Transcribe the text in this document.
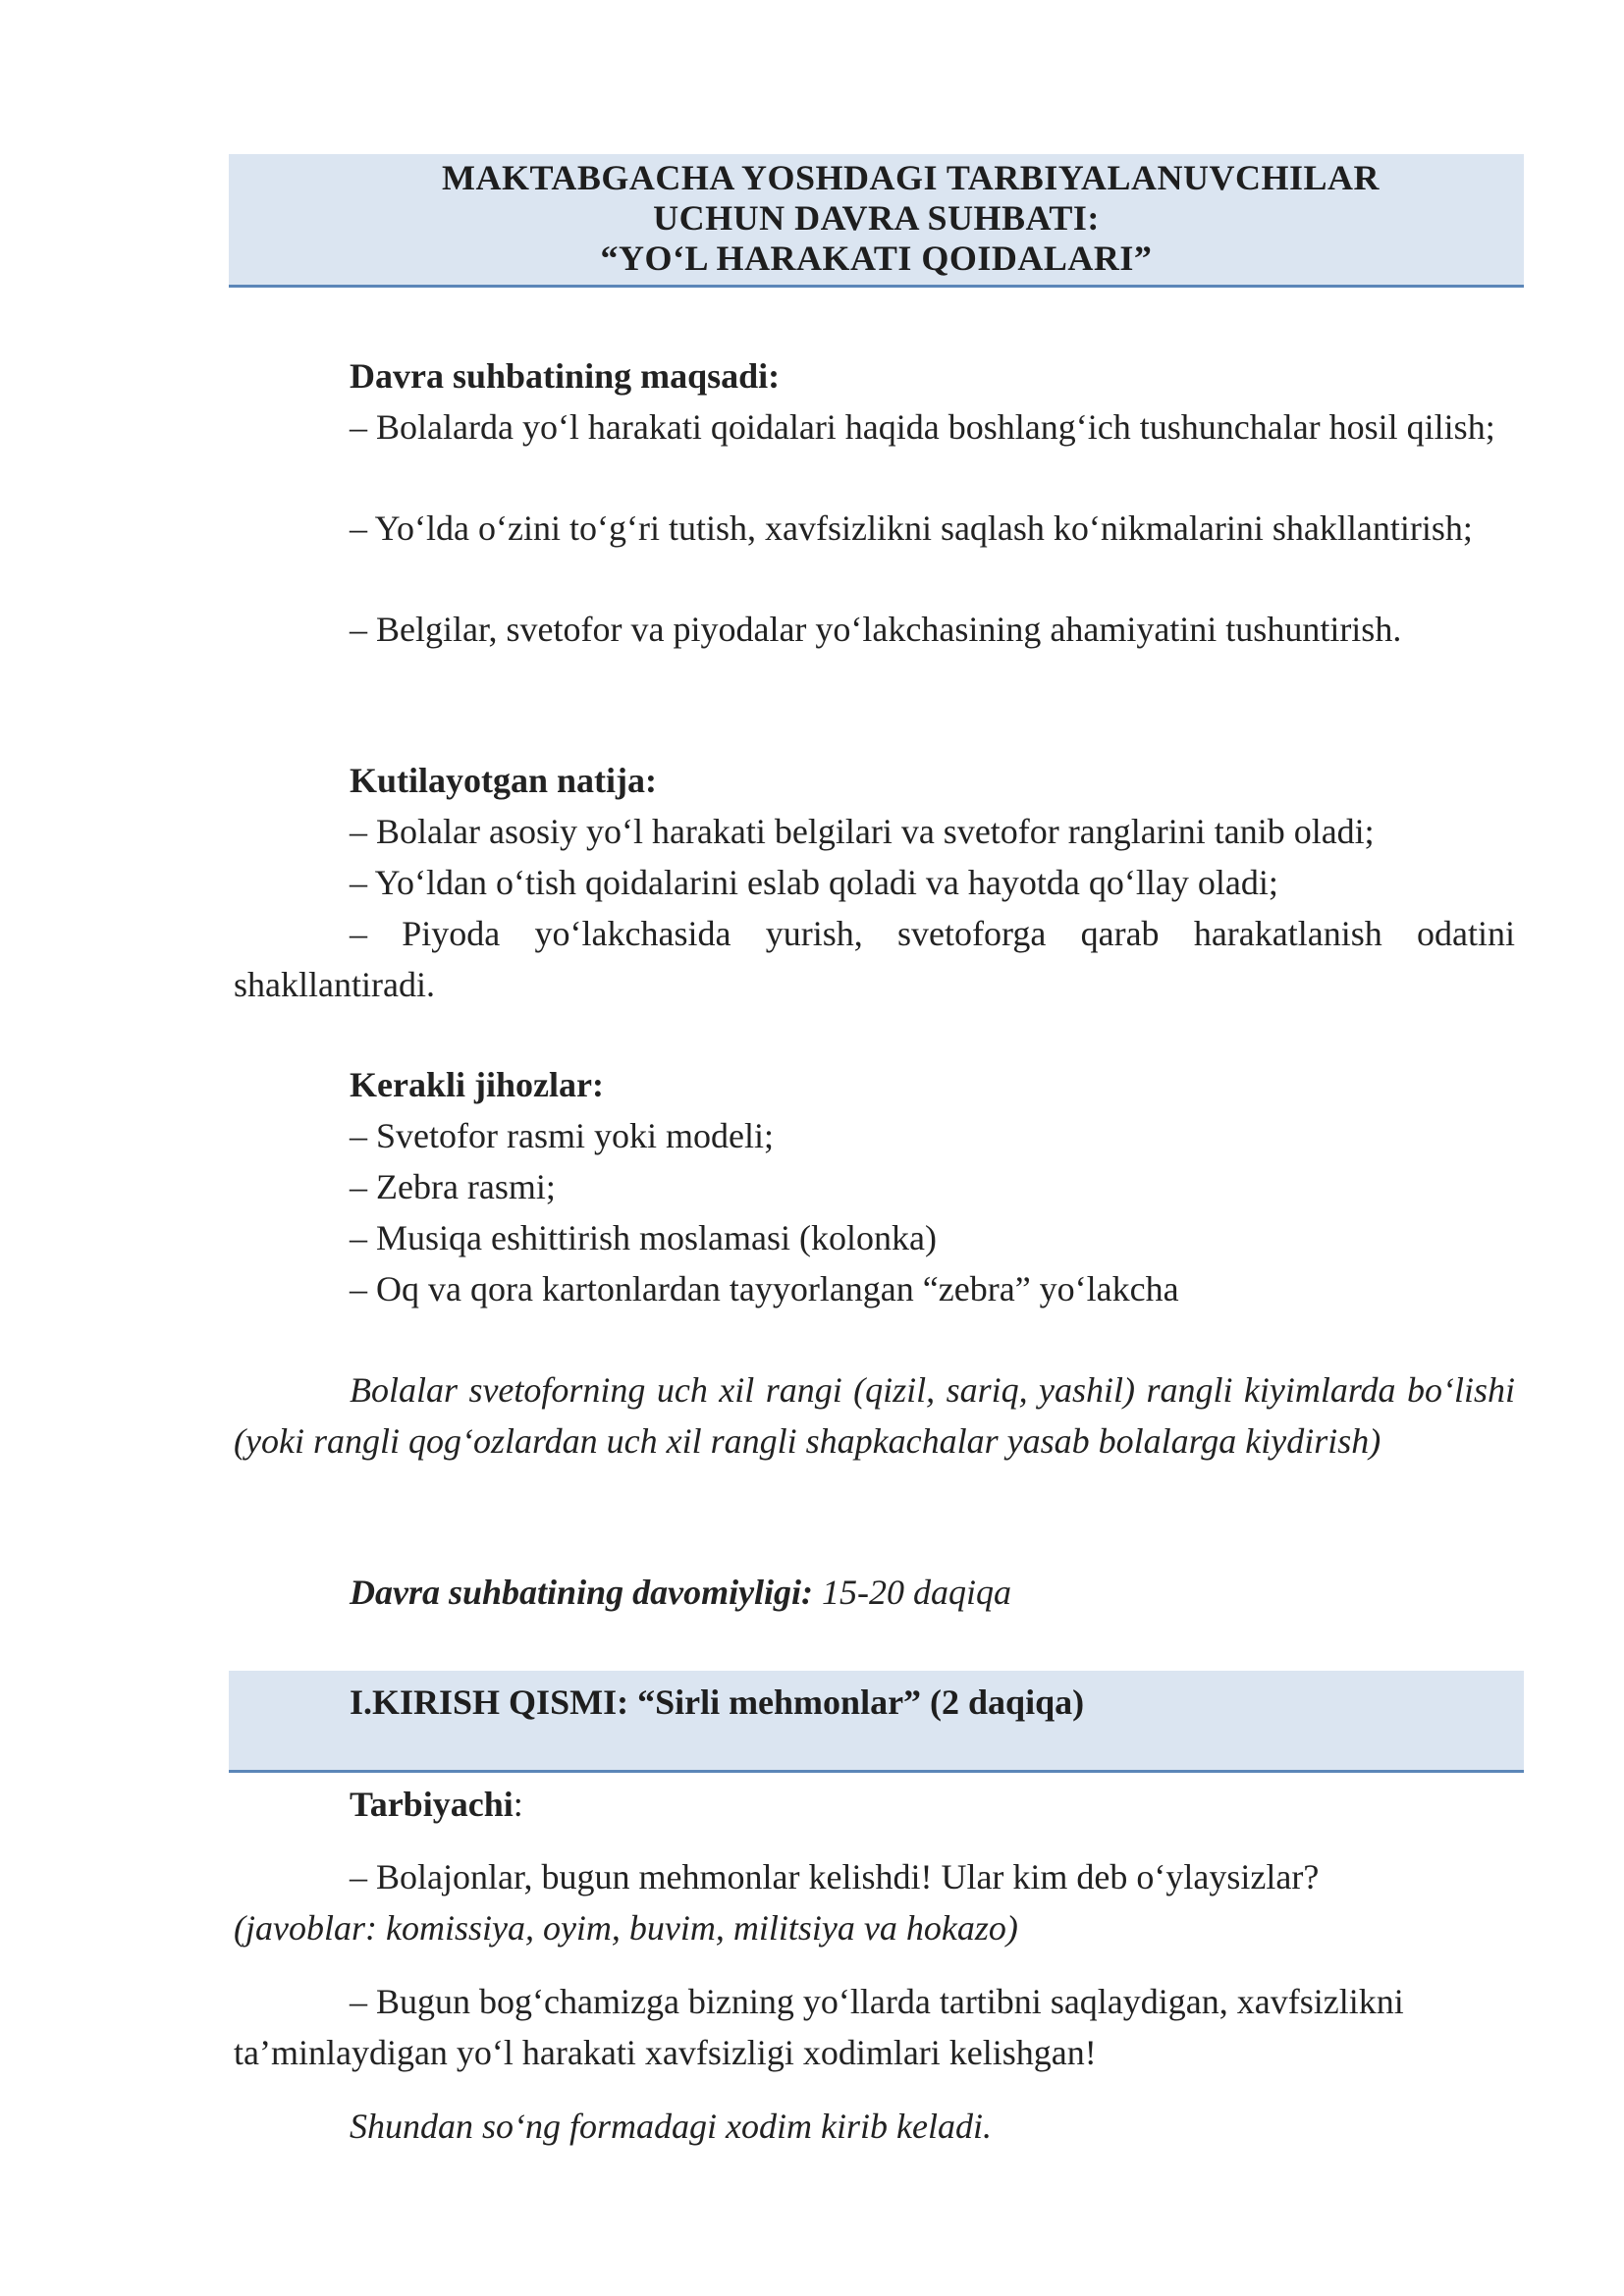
MAKTABGACHA YOSHDAGI TARBIYALANUVCHILAR
UCHUN DAVRA SUHBATI:
“YO‘L HARAKATI QOIDALARI”
Davra suhbatining maqsadi:
– Bolalarda yo‘l harakati qoidalari haqida boshlang‘ich tushunchalar hosil qilish;
– Yo‘lda o‘zini to‘g‘ri tutish, xavfsizlikni saqlash ko‘nikmalarini shakllantirish;
– Belgilar, svetofor va piyodalar yo‘lakchasining ahamiyatini tushuntirish.
Kutilayotgan natija:
– Bolalar asosiy yo‘l harakati belgilari va svetofor ranglarini tanib oladi;
– Yo‘ldan o‘tish qoidalarini eslab qoladi va hayotda qo‘llay oladi;
– Piyoda yo‘lakchasida yurish, svetoforga qarab harakatlanish odatini shakllantiradi.
Kerakli jihozlar:
– Svetofor rasmi yoki modeli;
– Zebra rasmi;
– Musiqa eshittirish moslamasi (kolonka)
– Oq va qora kartonlardan tayyorlangan “zebra” yo‘lakcha
Bolalar svetoforning uch xil rangi (qizil, sariq, yashil) rangli kiyimlarda bo‘lishi (yoki rangli qog‘ozlardan uch xil rangli shapkachalar yasab bolalarga kiydirish)
Davra suhbatining davomiyligi: 15-20 daqiqa
I.KIRISH QISMI: “Sirli mehmonlar” (2 daqiqa)
Tarbiyachi:
– Bolajonlar, bugun mehmonlar kelishdi! Ular kim deb o‘ylaysizlar?
(javoblar: komissiya, oyim, buvim, militsiya va hokazo)
– Bugun bog‘chamizga bizning yo‘llarda tartibni saqlaydigan, xavfsizlikni ta’minlaydigan yo‘l harakati xavfsizligi xodimlari kelishgan!
Shundan so‘ng formadagi xodim kirib keladi.
